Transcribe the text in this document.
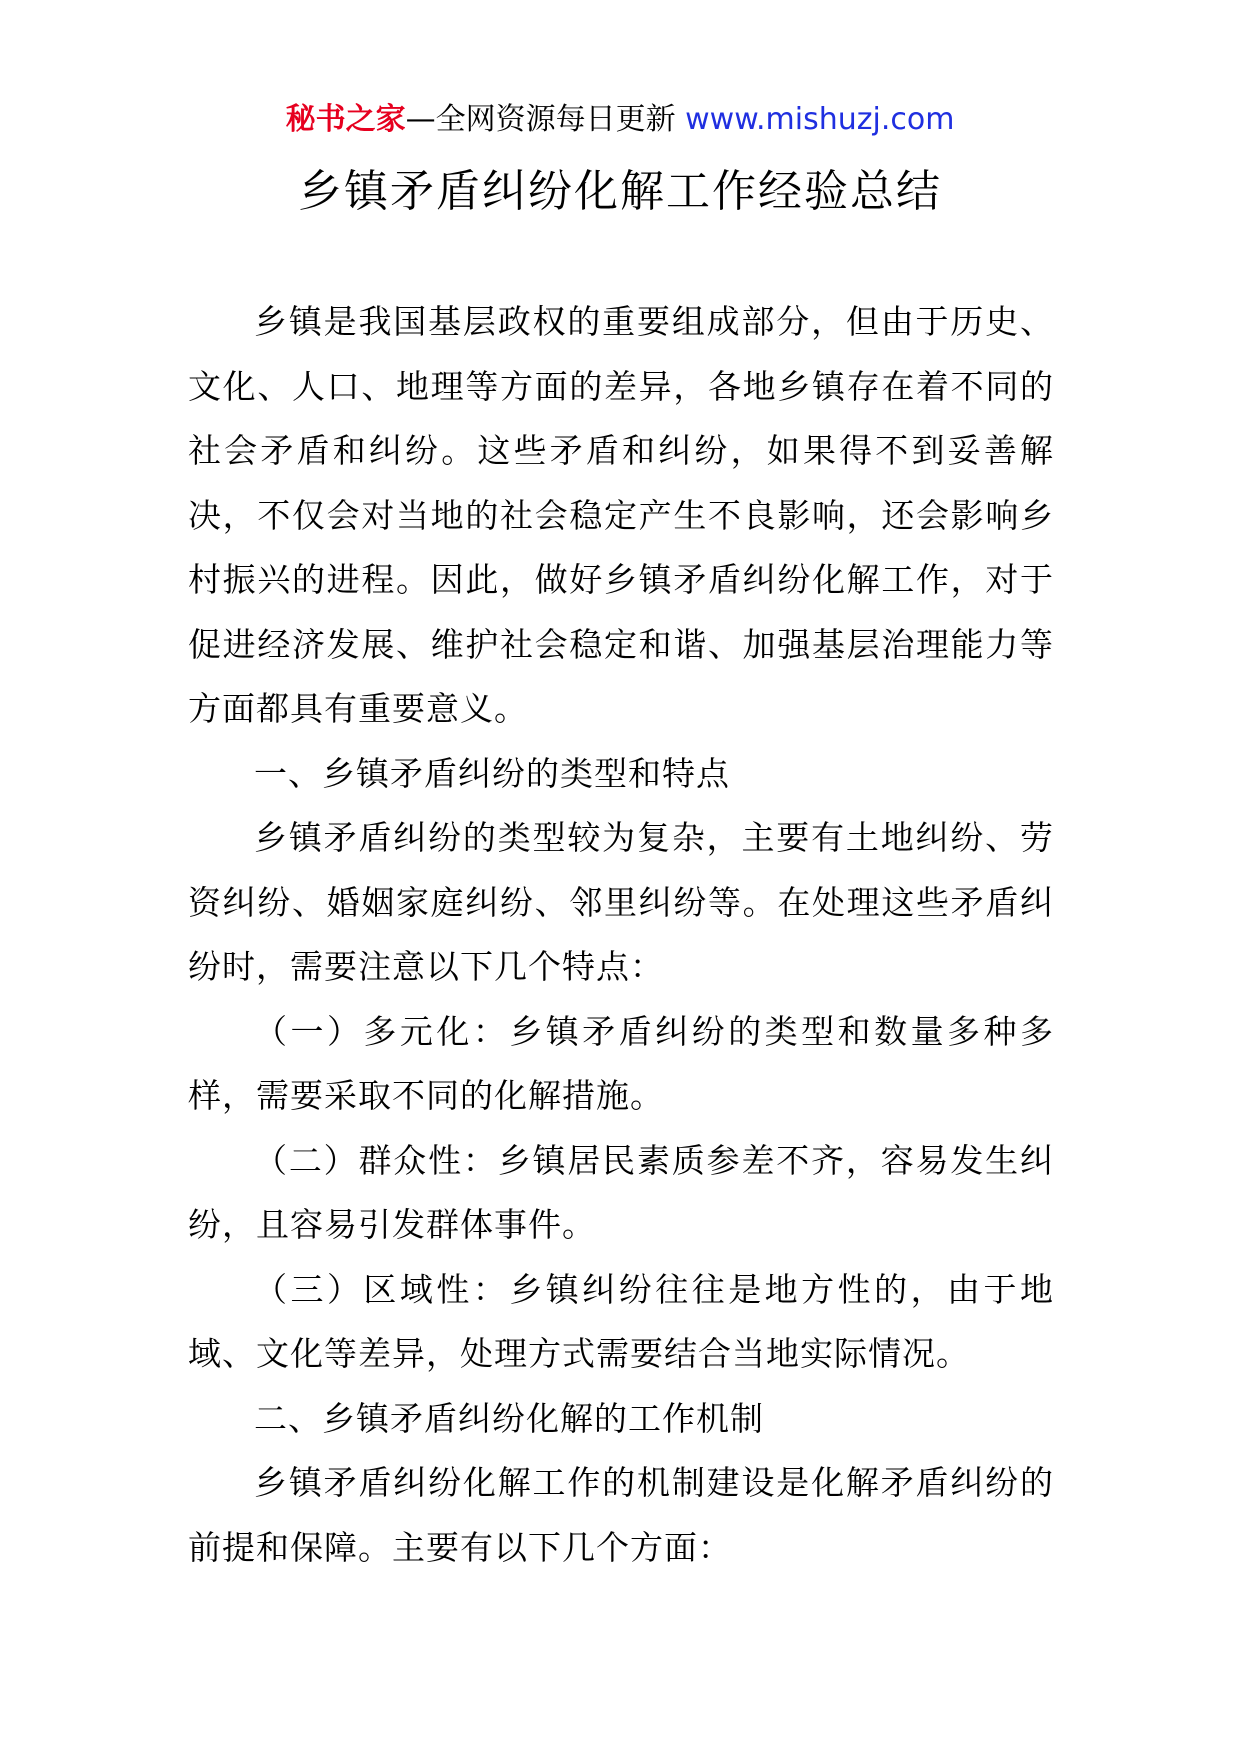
秘书之家—全网资源每日更新 www.mishuzj.com
乡镇矛盾纠纷化解工作经验总结

乡镇是我国基层政权的重要组成部分，但由于历史、文化、人口、地理等方面的差异，各地乡镇存在着不同的社会矛盾和纠纷。这些矛盾和纠纷，如果得不到妥善解决，不仅会对当地的社会稳定产生不良影响，还会影响乡村振兴的进程。因此，做好乡镇矛盾纠纷化解工作，对于促进经济发展、维护社会稳定和谐、加强基层治理能力等方面都具有重要意义。

一、乡镇矛盾纠纷的类型和特点

乡镇矛盾纠纷的类型较为复杂，主要有土地纠纷、劳资纠纷、婚姻家庭纠纷、邻里纠纷等。在处理这些矛盾纠纷时，需要注意以下几个特点：

（一）多元化：乡镇矛盾纠纷的类型和数量多种多样，需要采取不同的化解措施。

（二）群众性：乡镇居民素质参差不齐，容易发生纠纷，且容易引发群体事件。

（三）区域性：乡镇纠纷往往是地方性的，由于地域、文化等差异，处理方式需要结合当地实际情况。

二、乡镇矛盾纠纷化解的工作机制

乡镇矛盾纠纷化解工作的机制建设是化解矛盾纠纷的前提和保障。主要有以下几个方面：
